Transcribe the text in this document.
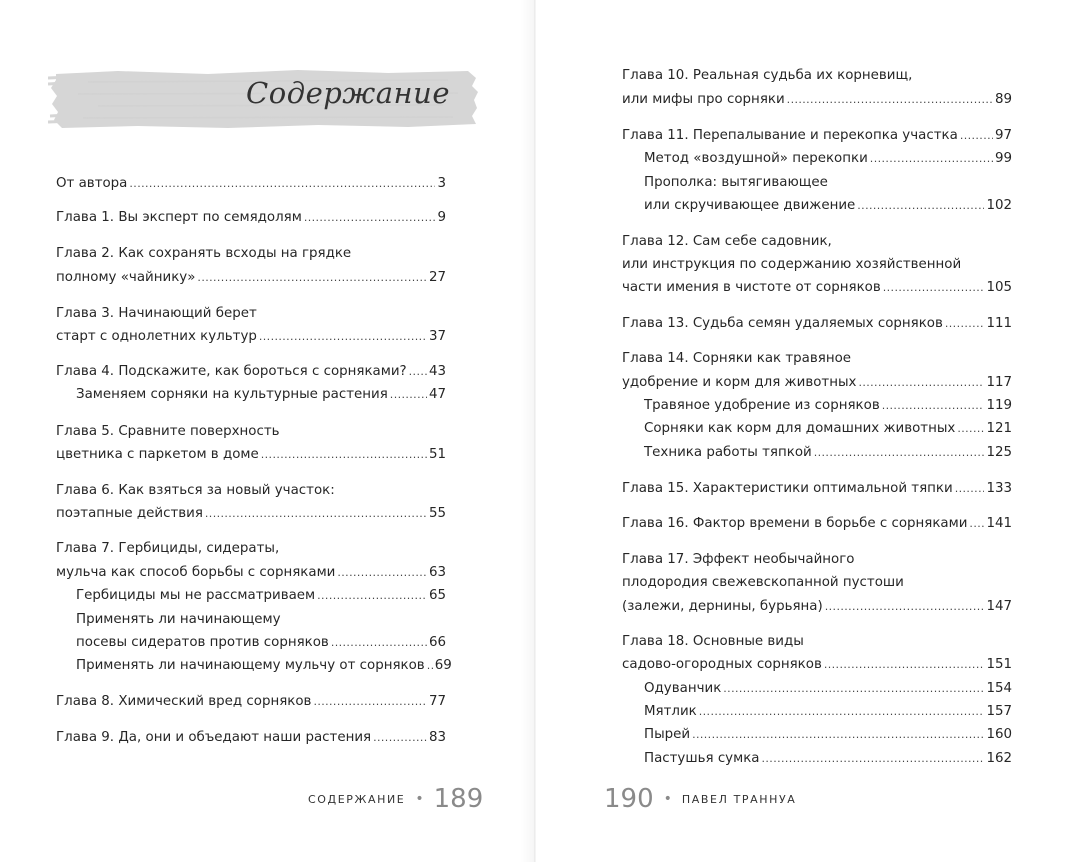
Содержание
От автора .....	3
Глава 1. Вы эксперт по семядолям .....	9
Глава 2. Как сохранять всходы на грядке
полному «чайнику» .....	27
Глава 3. Начинающий берет
старт с однолетних культур .....	37
Глава 4. Подскажите, как бороться с сорняками? ..... 43
Заменяем сорняки на культурные растения .....	47
Глава 5. Сравните поверхность
цветника с паркетом в доме .....	51
Глава 6. Как взяться за новый участок:
поэтапные действия .....	55
Глава 7. Гербициды, сидераты,
мульча как способ борьбы с сорняками .....	63
Гербициды мы не рассматриваем .....	65
Применять ли начинающему
посевы сидератов против сорняков .....	66
Применять ли начинающему мульчу от сорняков ..... 69
Глава 8. Химический вред сорняков .....	77
Глава 9. Да, они и объедают наши растения .....	83
Глава 10. Реальная судьба их корневищ,
или мифы про сорняки .....	89
Глава 11. Перепалывание и перекопка участка .....	97
Метод «воздушной» перекопки .....	99
Прополка: вытягивающее
или скручивающее движение .....	102
Глава 12. Сам себе садовник,
или инструкция по содержанию хозяйственной
части имения в чистоте от сорняков .....	105
Глава 13. Судьба семян удаляемых сорняков .....	111
Глава 14. Сорняки как травяное
удобрение и корм для животных .....	117
Травяное удобрение из сорняков .....	119
Сорняки как корм для домашних животных ..... 121
Техника работы тяпкой .....	125
Глава 15. Характеристики оптимальной тяпки .....	133
Глава 16. Фактор времени в борьбе с сорняками ..... 141
Глава 17. Эффект необычайного
плодородия свежевскопанной пустоши
(залежи, дернины, бурьяна) .....	147
Глава 18. Основные виды
садово-огородных сорняков .....	151
Одуванчик .....	154
Мятлик .....	157
Пырей .....	160
Пастушья сумка .....	162
СОДЕРЖАНИЕ • 189	190 • ПАВЕЛ ТРАННУА
